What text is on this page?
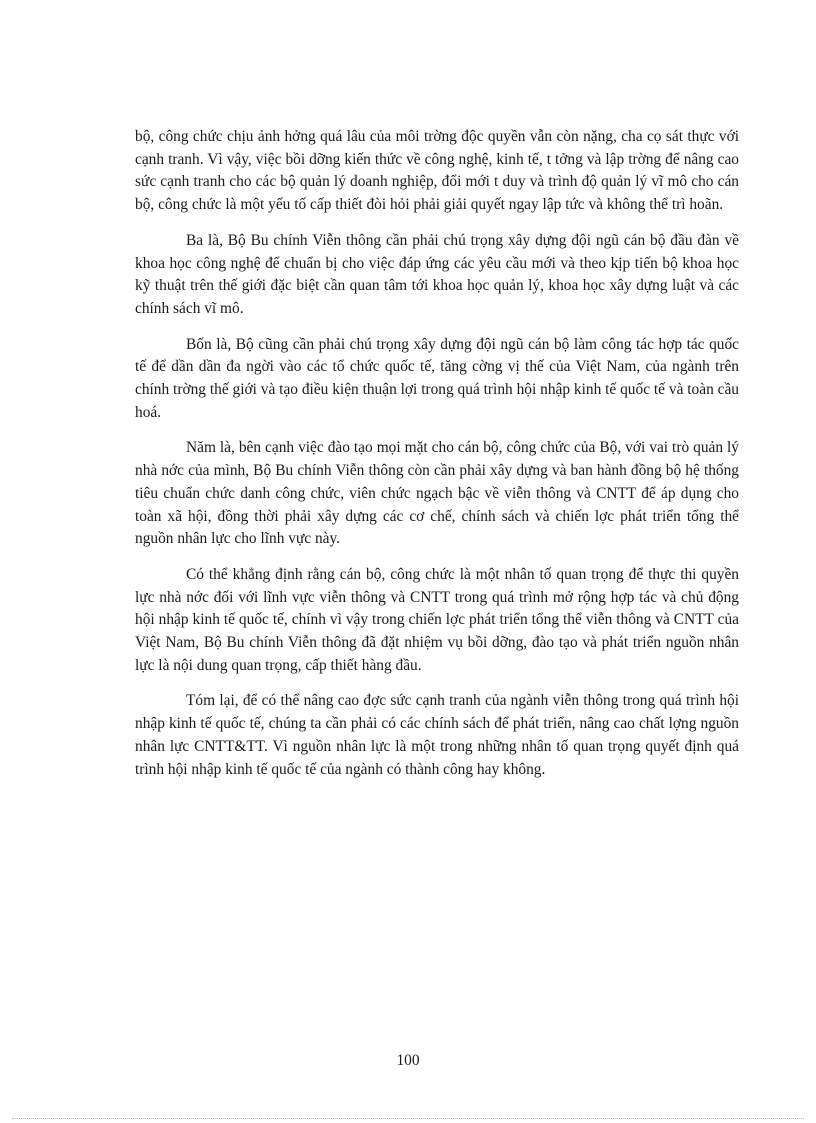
bộ, công chức chịu ảnh hởng quá lâu của môi trờng độc quyền vẫn còn nặng, cha cọ sát thực với cạnh tranh. Vì vậy, việc bồi dỡng kiến thức về công nghệ, kinh tế, t tởng và lập trờng để nâng cao sức cạnh tranh cho các bộ quản lý doanh nghiệp, đổi mới t duy và trình độ quản lý vĩ mô cho cán bộ, công chức là một yếu tố cấp thiết đòi hỏi phải giải quyết ngay lập tức và không thể trì hoãn.

Ba là, Bộ Bu chính Viễn thông cần phải chú trọng xây dựng đội ngũ cán bộ đầu đàn về khoa học công nghệ để chuẩn bị cho việc đáp ứng các yêu cầu mới và theo kịp tiến bộ khoa học kỹ thuật trên thế giới đặc biệt cần quan tâm tới khoa học quản lý, khoa học xây dựng luật và các chính sách vĩ mô.

Bốn là, Bộ cũng cần phải chú trọng xây dựng đội ngũ cán bộ làm công tác hợp tác quốc tế để dần dần đa ngời vào các tổ chức quốc tế, tăng cờng vị thế của Việt Nam, của ngành trên chính trờng thế giới và tạo điều kiện thuận lợi trong quá trình hội nhập kinh tế quốc tế và toàn cầu hoá.

Năm là, bên cạnh việc đào tạo mọi mặt cho cán bộ, công chức của Bộ, với vai trò quản lý nhà nớc của mình, Bộ Bu chính Viễn thông còn cần phải xây dựng và ban hành đồng bộ hệ thống tiêu chuẩn chức danh công chức, viên chức ngạch bậc về viễn thông và CNTT để áp dụng cho toàn xã hội, đồng thời phải xây dựng các cơ chế, chính sách và chiến lợc phát triển tổng thể nguồn nhân lực cho lĩnh vực này.

Có thể khẳng định rằng cán bộ, công chức là một nhân tố quan trọng để thực thi quyền lực nhà nớc đối với lĩnh vực viễn thông và CNTT trong quá trình mở rộng hợp tác và chủ động hội nhập kinh tế quốc tế, chính vì vậy trong chiến lợc phát triển tổng thể viễn thông và CNTT của Việt Nam, Bộ Bu chính Viễn thông đã đặt nhiệm vụ bồi dỡng, đào tạo và phát triển nguồn nhân lực là nội dung quan trọng, cấp thiết hàng đầu.

Tóm lại, để có thể nâng cao đợc sức cạnh tranh của ngành viễn thông trong quá trình hội nhập kinh tế quốc tế, chúng ta cần phải có các chính sách để phát triển, nâng cao chất lợng nguồn nhân lực CNTT&TT. Vì nguồn nhân lực là một trong những nhân tố quan trọng quyết định quá trình hội nhập kinh tế quốc tế của ngành có thành công hay không.

100
